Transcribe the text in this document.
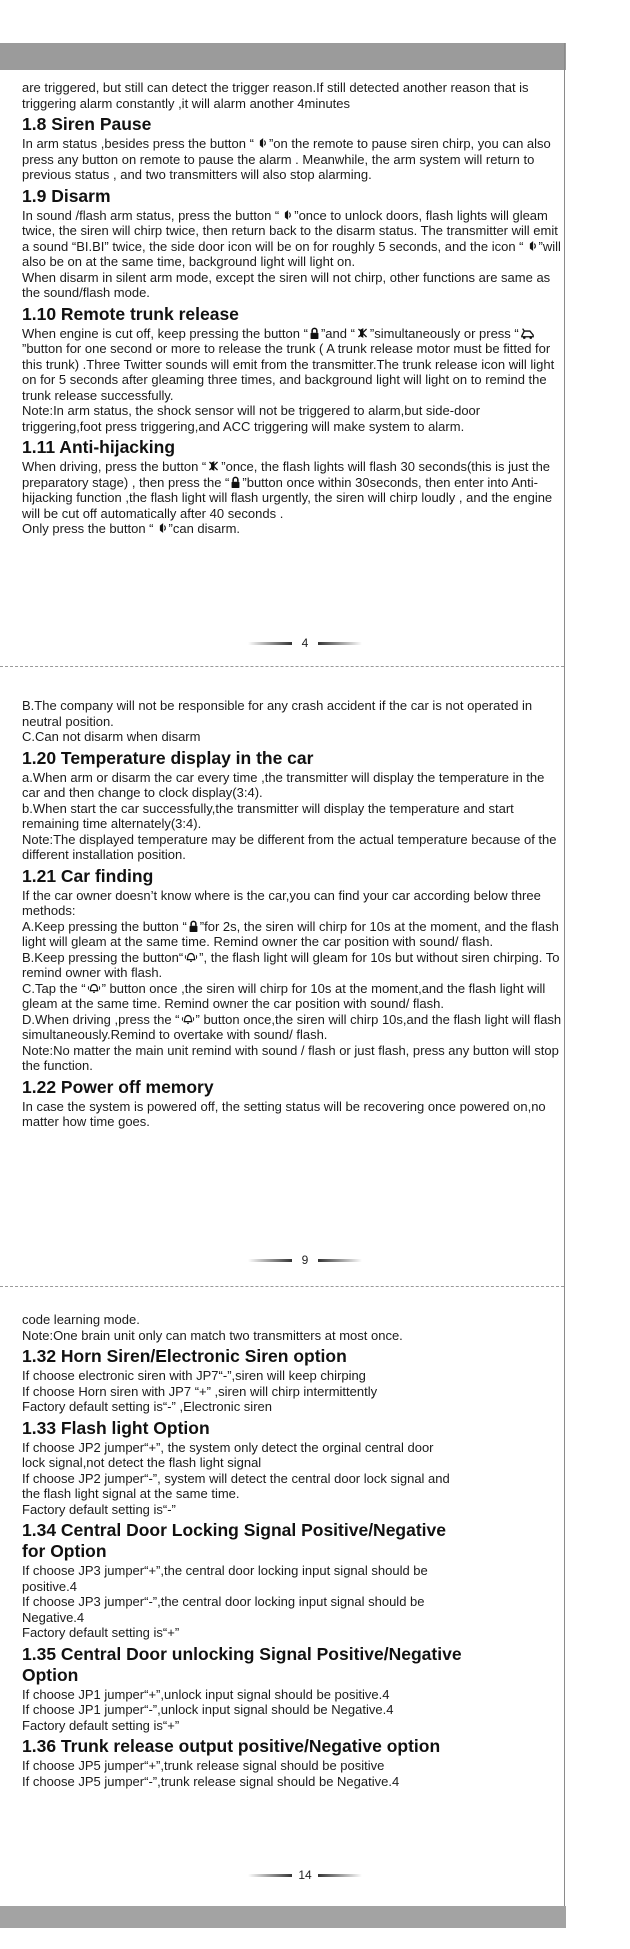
are triggered, but still can detect the trigger reason.If still detected another reason that is triggering alarm constantly ,it will alarm another 4minutes

1.8 Siren Pause

In arm status ,besides press the button “ ”on the remote to pause siren chirp, you can also press any button on remote to pause the alarm . Meanwhile, the arm system will return to previous status , and two transmitters will also stop alarming.

1.9 Disarm

In sound /flash arm status, press the button “ ”once to unlock doors, flash lights will gleam twice, the siren will chirp twice, then return back to the disarm status. The transmitter will emit a sound “BI.BI” twice, the side door icon will be on for roughly 5 seconds, and the icon “ ”will also be on at the same time, background light will light on.

When disarm in silent arm mode, except the siren will not chirp, other functions are same as the sound/flash mode.

1.10 Remote trunk release

When engine is cut off, keep pressing the button “ ”and “ ”simultaneously or press “”button for one second or more to release the trunk ( A trunk release motor must be fitted for this trunk) .Three Twitter sounds will emit from the transmitter.The trunk release icon will light on for 5 seconds after gleaming three times, and background light will light on to remind the trunk release successfully.

Note:In arm status, the shock sensor will not be triggered to alarm,but side-door triggering,foot press triggering,and ACC triggering will make system to alarm.

1.11 Anti-hijacking

When driving, press the button “ ”once, the flash lights will flash 30 seconds(this is just the preparatory stage) , then press the “ ”button once within 30seconds, then enter into Anti-hijacking function ,the flash light will flash urgently, the siren will chirp loudly , and the engine will be cut off automatically after 40 seconds .

Only press the button “ ”can disarm.

4

B.The company will not be responsible for any crash accident if the car is not operated in neutral position.

C.Can not disarm when disarm

1.20 Temperature display in the car

a.When arm or disarm the car every time ,the transmitter will display the temperature in the car and then change to clock display(3:4).

b.When start the car successfully,the transmitter will display the temperature and start remaining time alternately(3:4).

Note:The displayed temperature may be different from the actual temperature because of the different installation position.

1.21 Car finding

If the car owner doesn’t know where is the car,you can find your car according below three methods:

A.Keep pressing the button “ ”for 2s, the siren will chirp for 10s at the moment, and the flash light will gleam at the same time. Remind owner the car position with sound/ flash.

B.Keep pressing the button“ ”, the flash light will gleam for 10s but without siren chirping. To remind owner with flash.

C.Tap the “ ” button once ,the siren will chirp for 10s at the moment,and the flash light will gleam at the same time. Remind owner the car position with sound/ flash.

D.When driving ,press the “ ” button once,the siren will chirp 10s,and the flash light will flash simultaneously.Remind to overtake with sound/ flash.

Note:No matter the main unit remind with sound / flash or just flash, press any button will stop the function.

1.22 Power off memory

In case the system is powered off, the setting status will be recovering once powered on,no matter how time goes.

9

code learning mode.

Note:One brain unit only can match two transmitters at most once.

1.32 Horn Siren/Electronic Siren option

If choose electronic siren with JP7“-”,siren will keep chirping

If choose Horn siren with JP7 “+” ,siren will chirp intermittently

Factory default setting is“-” ,Electronic siren

1.33 Flash light Option

If choose JP2 jumper“+”, the system only detect the orginal central door
lock signal,not detect the flash light signal

If choose JP2 jumper“-”, system will detect the central door lock signal and
the flash light signal at the same time.

Factory default setting is“-”

1.34 Central Door Locking Signal Positive/Negative
for Option

If choose JP3 jumper“+”,the central door locking input signal should be
positive.4

If choose JP3 jumper“-”,the central door locking input signal should be
Negative.4

Factory default setting is“+”

1.35 Central Door unlocking Signal Positive/Negative
Option

If choose JP1 jumper“+”,unlock input signal should be positive.4

If choose JP1 jumper“-”,unlock input signal should be Negative.4

Factory default setting is“+”

1.36 Trunk release output positive/Negative option

If choose JP5 jumper“+”,trunk release signal should be positive

If choose JP5 jumper“-”,trunk release signal should be Negative.4

14
